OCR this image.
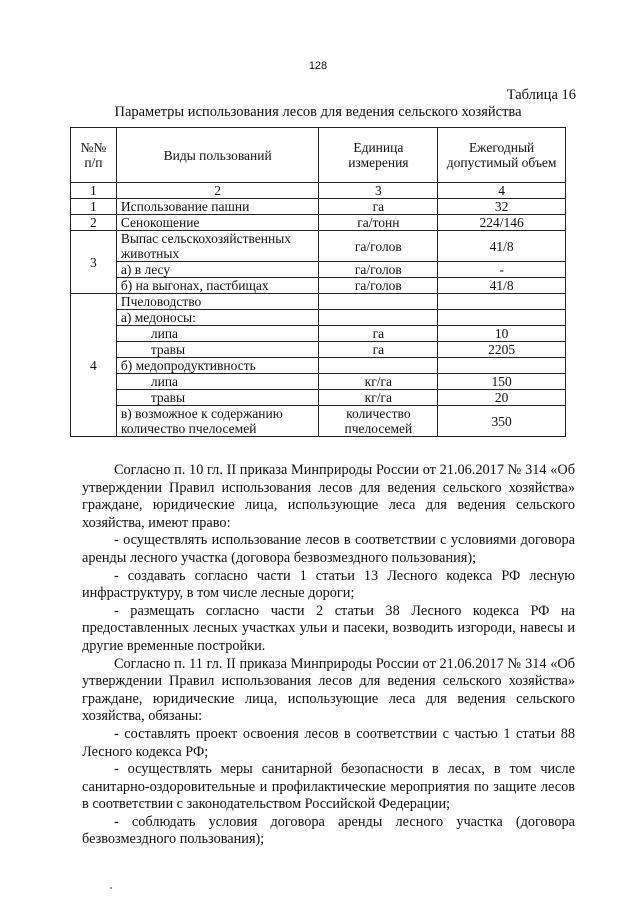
128
Таблица 16
Параметры использования лесов для ведения сельского хозяйства
№№ п/п	Виды пользований	Единица измерения	Ежегодный допустимый объем
1	2	3	4
1	Использование пашни	га	32
2	Сенокошение	га/тонн	224/146
3	Выпас сельскохозяйственных животных	га/голов	41/8
	а) в лесу	га/голов	-
	б) на выгонах, пастбищах	га/голов	41/8
4	Пчеловодство		
	а) медоносы:		
	липа	га	10
	травы	га	2205
	б) медопродуктивность		
	липа	кг/га	150
	травы	кг/га	20
	в) возможное к содержанию количество пчелосемей	количество пчелосемей	350

Согласно п. 10 гл. II приказа Минприроды России от 21.06.2017 № 314 «Об утверждении Правил использования лесов для ведения сельского хозяйства» граждане, юридические лица, использующие леса для ведения сельского хозяйства, имеют право:

- осуществлять использование лесов в соответствии с условиями договора аренды лесного участка (договора безвозмездного пользования);

- создавать согласно части 1 статьи 13 Лесного кодекса РФ лесную инфраструктуру, в том числе лесные дороги;

- размещать согласно части 2 статьи 38 Лесного кодекса РФ на предоставленных лесных участках ульи и пасеки, возводить изгороди, навесы и другие временные постройки.

Согласно п. 11 гл. II приказа Минприроды России от 21.06.2017 № 314 «Об утверждении Правил использования лесов для ведения сельского хозяйства» граждане, юридические лица, использующие леса для ведения сельского хозяйства, обязаны:

- составлять проект освоения лесов в соответствии с частью 1 статьи 88 Лесного кодекса РФ;

- осуществлять меры санитарной безопасности в лесах, в том числе санитарно-оздоровительные и профилактические мероприятия по защите лесов в соответствии с законодательством Российской Федерации;

- соблюдать условия договора аренды лесного участка (договора безвозмездного пользования);
